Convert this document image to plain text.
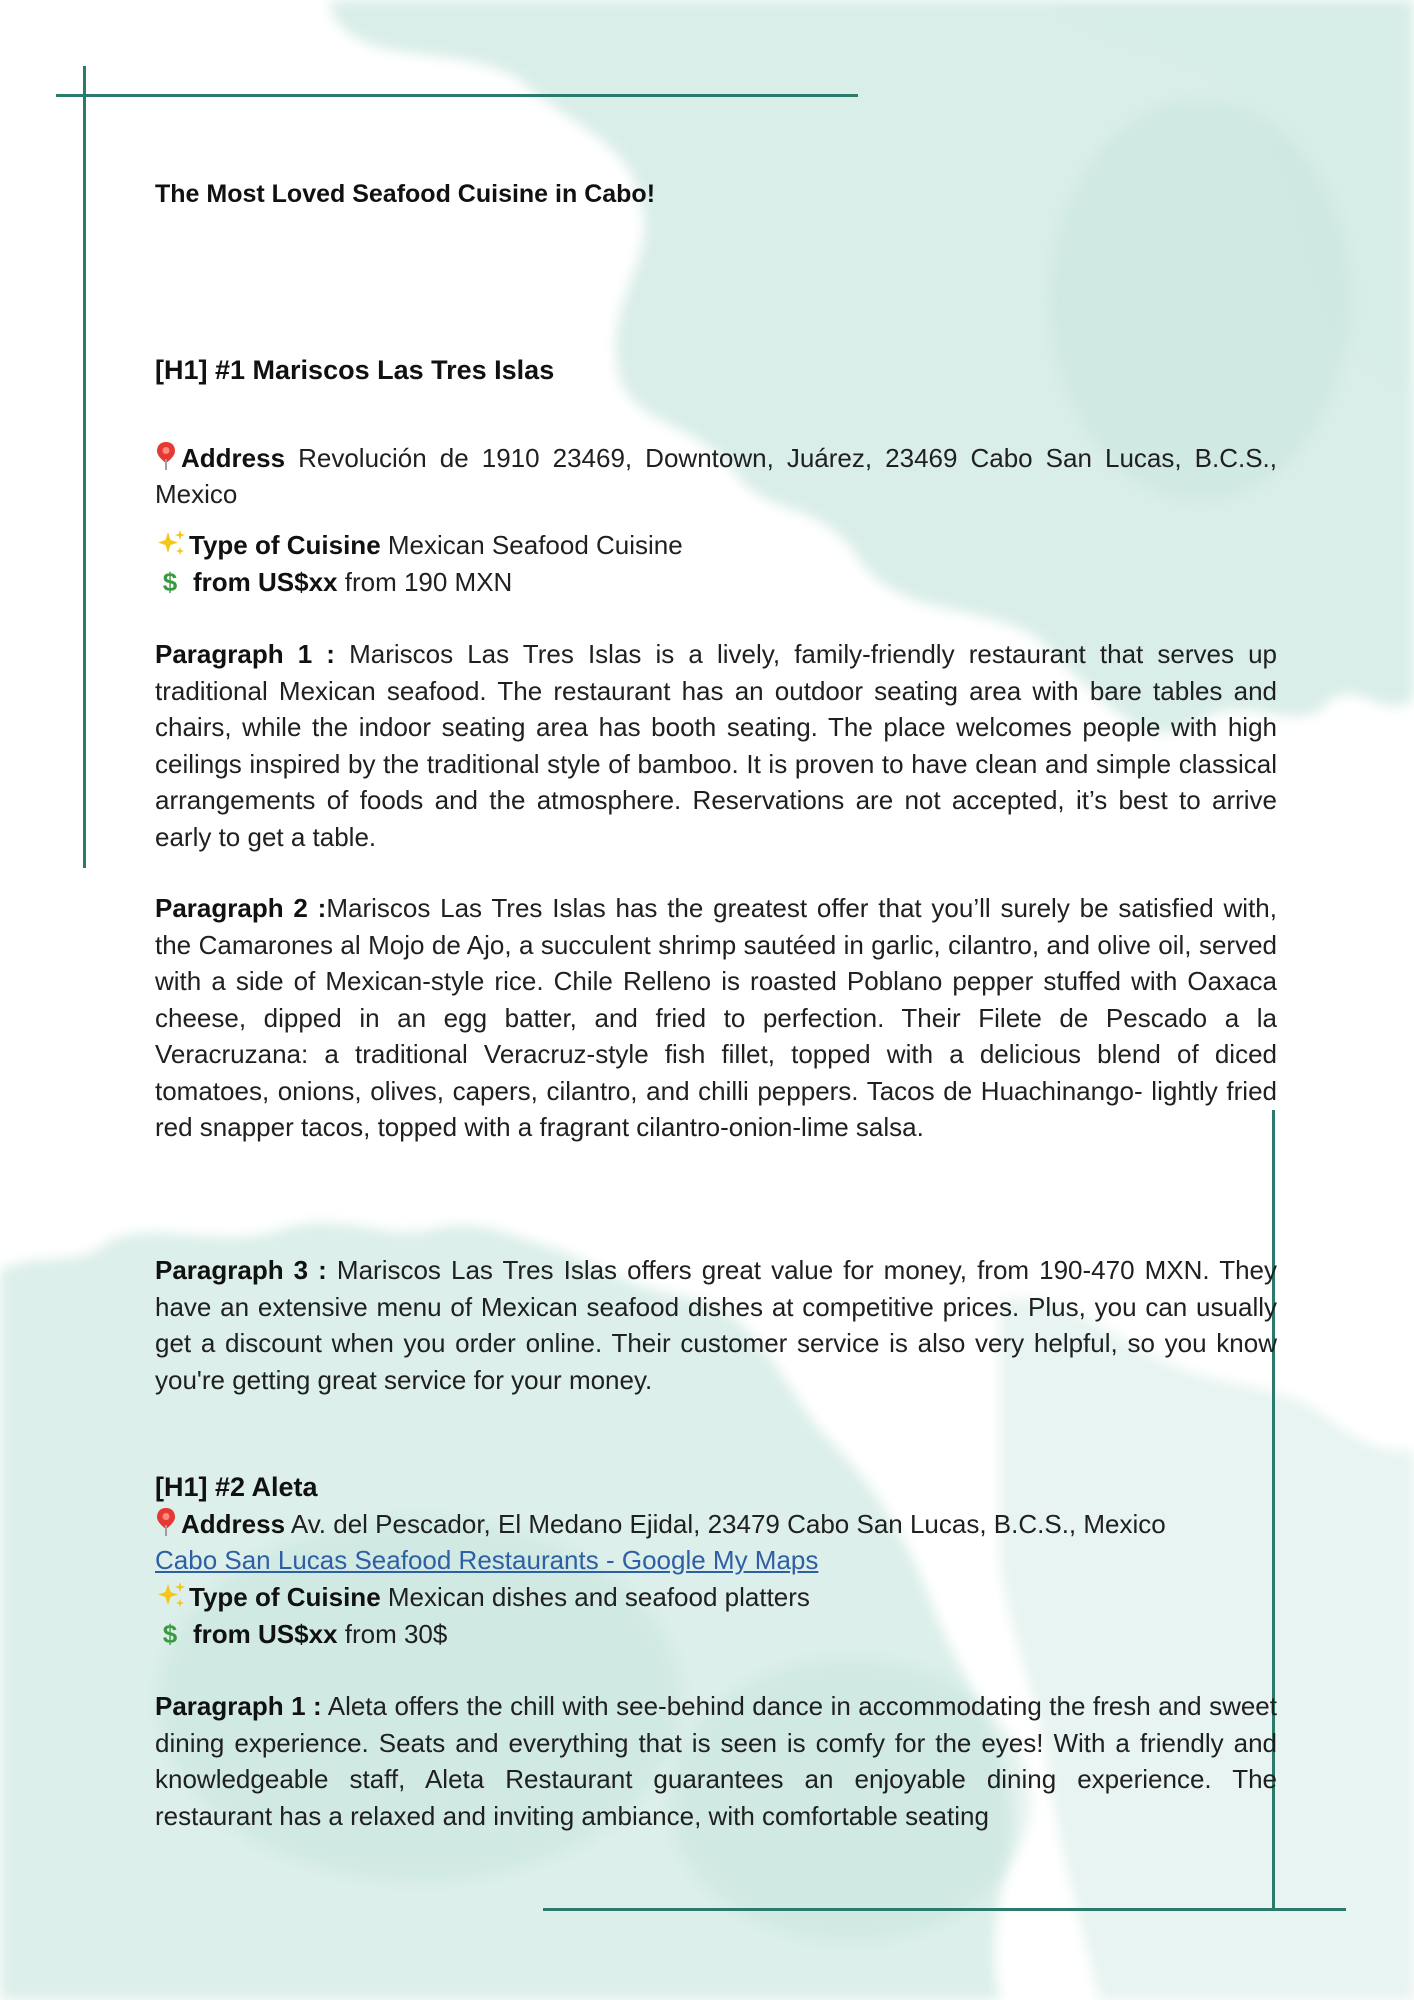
The Most Loved Seafood Cuisine in Cabo!
[H1] #1 Mariscos Las Tres Islas
Address Revolución de 1910 23469, Downtown, Juárez, 23469 Cabo San Lucas, B.C.S., Mexico
Type of Cuisine Mexican Seafood Cuisine
$ from US$xx from 190 MXN
Paragraph 1 : Mariscos Las Tres Islas is a lively, family-friendly restaurant that serves up traditional Mexican seafood. The restaurant has an outdoor seating area with bare tables and chairs, while the indoor seating area has booth seating. The place welcomes people with high ceilings inspired by the traditional style of bamboo. It is proven to have clean and simple classical arrangements of foods and the atmosphere. Reservations are not accepted, it’s best to arrive early to get a table.
Paragraph 2 :Mariscos Las Tres Islas has the greatest offer that you’ll surely be satisfied with, the Camarones al Mojo de Ajo, a succulent shrimp sautéed in garlic, cilantro, and olive oil, served with a side of Mexican-style rice. Chile Relleno is roasted Poblano pepper stuffed with Oaxaca cheese, dipped in an egg batter, and fried to perfection. Their Filete de Pescado a la Veracruzana: a traditional Veracruz-style fish fillet, topped with a delicious blend of diced tomatoes, onions, olives, capers, cilantro, and chilli peppers. Tacos de Huachinango- lightly fried red snapper tacos, topped with a fragrant cilantro-onion-lime salsa.
Paragraph 3 : Mariscos Las Tres Islas offers great value for money, from 190-470 MXN. They have an extensive menu of Mexican seafood dishes at competitive prices. Plus, you can usually get a discount when you order online. Their customer service is also very helpful, so you know you're getting great service for your money.
[H1] #2 Aleta
Address Av. del Pescador, El Medano Ejidal, 23479 Cabo San Lucas, B.C.S., Mexico
Cabo San Lucas Seafood Restaurants - Google My Maps
Type of Cuisine Mexican dishes and seafood platters
$ from US$xx from 30$
Paragraph 1 : Aleta offers the chill with see-behind dance in accommodating the fresh and sweet dining experience. Seats and everything that is seen is comfy for the eyes! With a friendly and knowledgeable staff, Aleta Restaurant guarantees an enjoyable dining experience. The restaurant has a relaxed and inviting ambiance, with comfortable seating
